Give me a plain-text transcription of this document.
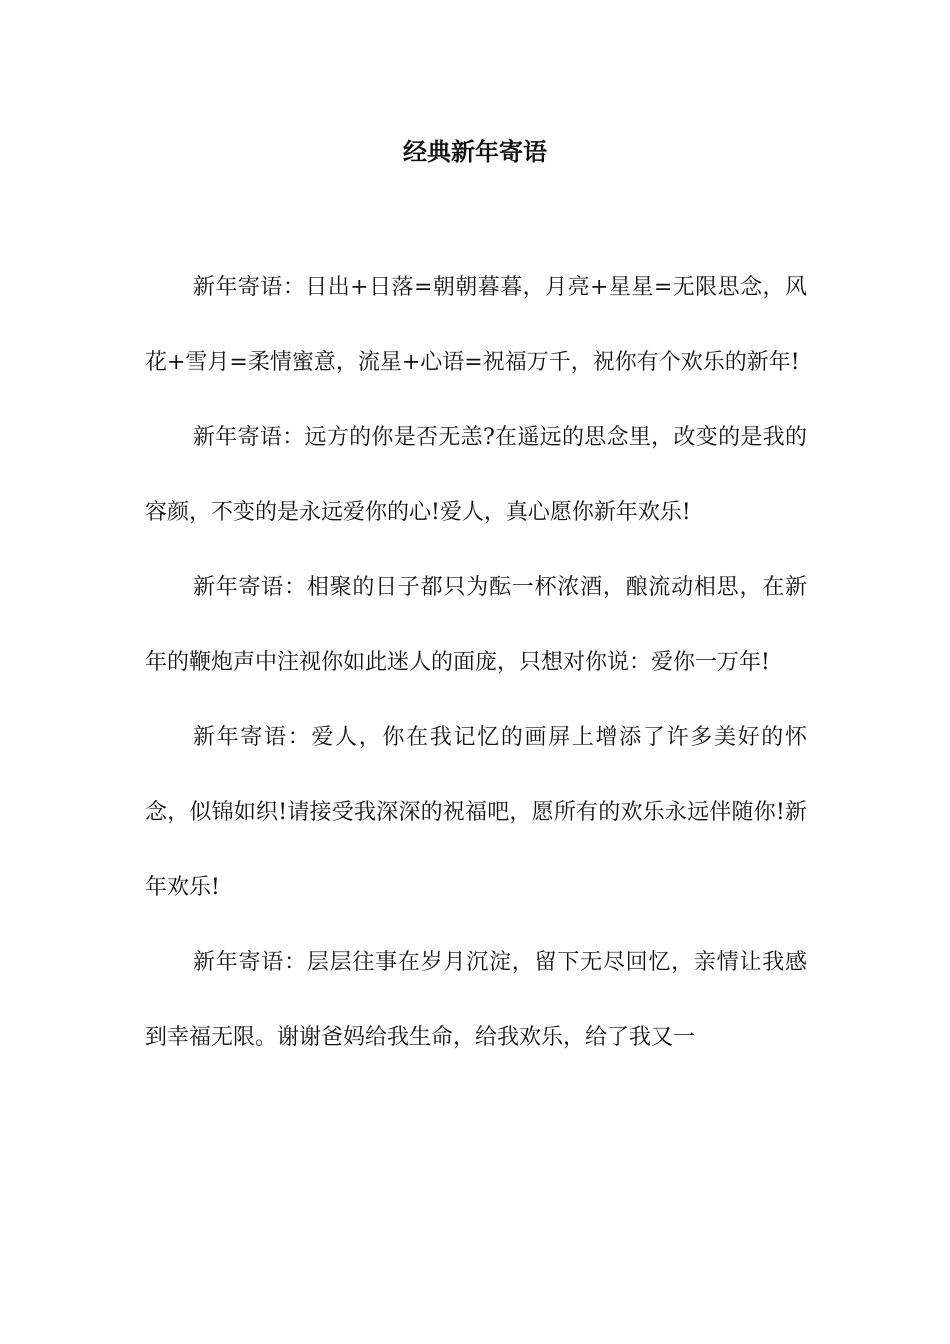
经典新年寄语

新年寄语：日出+日落=朝朝暮暮，月亮+星星=无限思念，风花+雪月=柔情蜜意，流星+心语=祝福万千，祝你有个欢乐的新年!

新年寄语：远方的你是否无恙?在遥远的思念里，改变的是我的容颜，不变的是永远爱你的心!爱人，真心愿你新年欢乐!

新年寄语：相聚的日子都只为酝一杯浓酒，酿流动相思，在新年的鞭炮声中注视你如此迷人的面庞，只想对你说：爱你一万年!

新年寄语：爱人，你在我记忆的画屏上增添了许多美好的怀念，似锦如织!请接受我深深的祝福吧，愿所有的欢乐永远伴随你!新年欢乐!

新年寄语：层层往事在岁月沉淀，留下无尽回忆，亲情让我感到幸福无限。谢谢爸妈给我生命，给我欢乐，给了我又一
